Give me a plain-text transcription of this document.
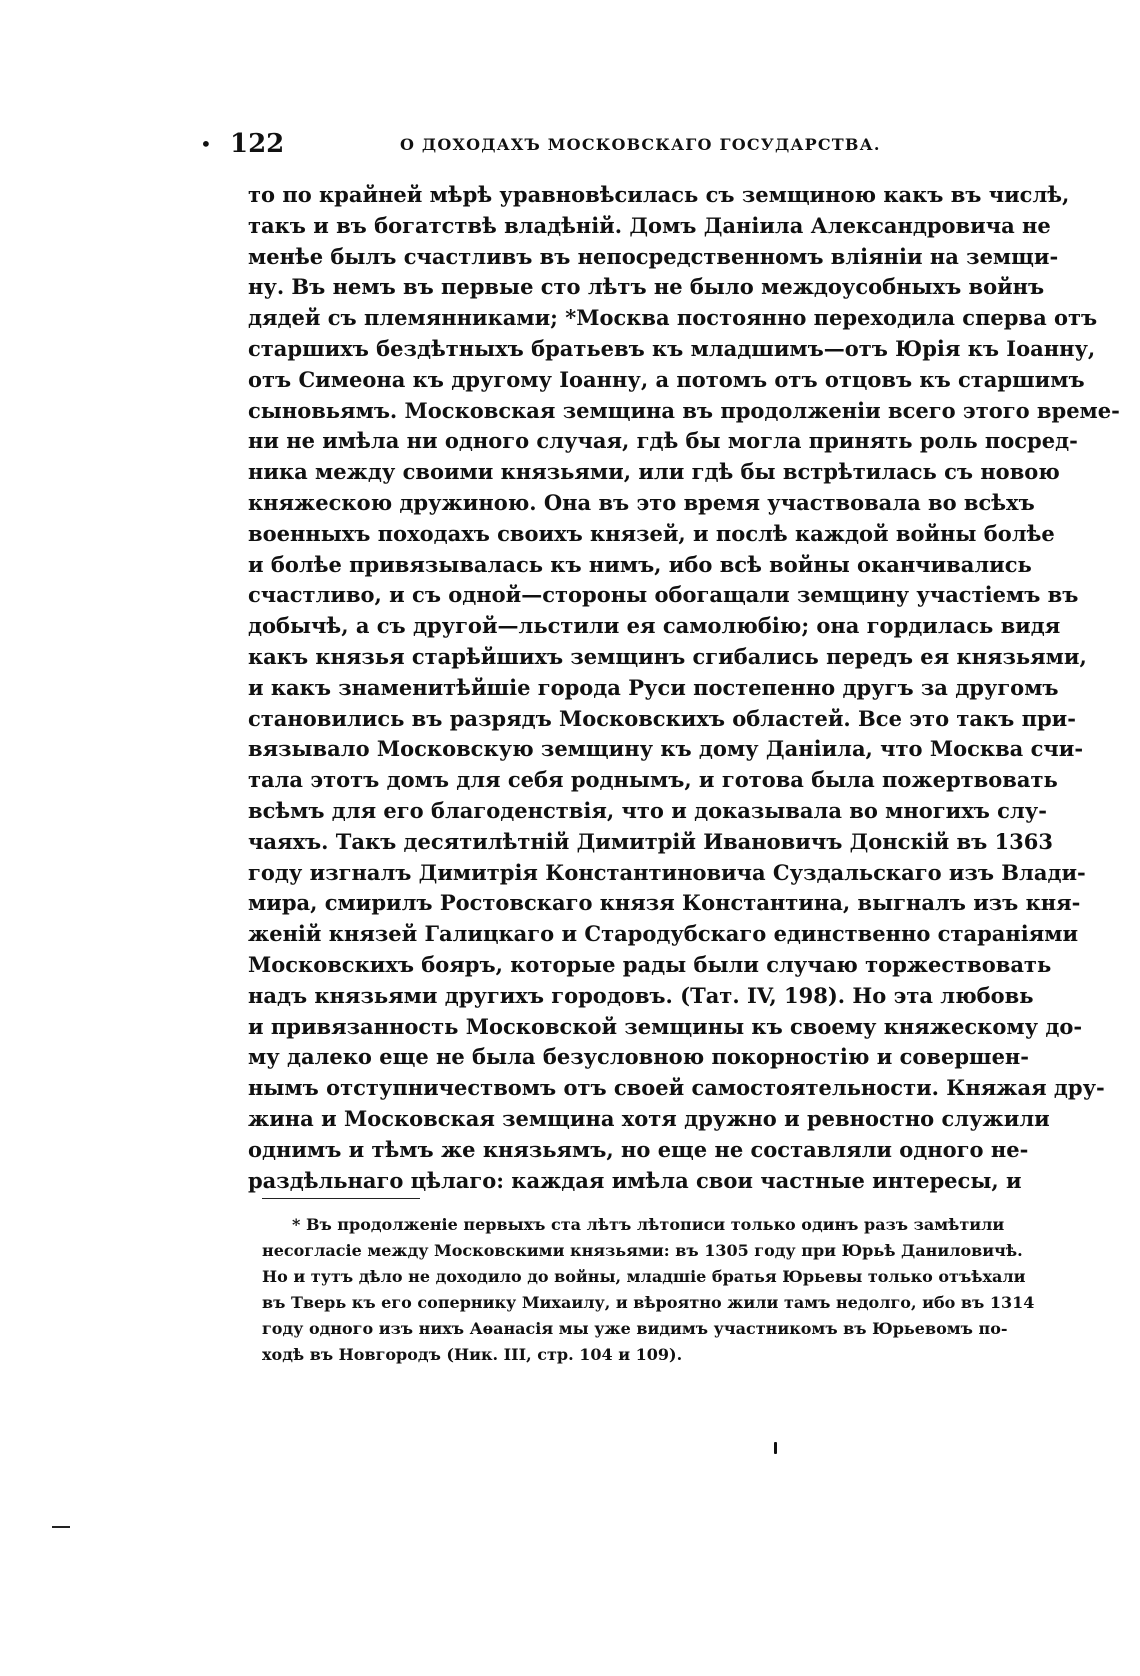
• 122	О ДОХОДАХЪ МОСКОВСКАГО ГОСУДАРСТВА.
то по крайней мѣрѣ уравновѣсилась съ земщиною какъ въ числѣ,
такъ и въ богатствѣ владѣній. Домъ Даніила Александровича не
менѣе былъ счастливъ въ непосредственномъ вліяніи на земщи-
ну. Въ немъ въ первые сто лѣтъ не было междоусобныхъ войнъ
дядей съ племянниками; *Москва постоянно переходила сперва отъ
старшихъ бездѣтныхъ братьевъ къ младшимъ—отъ Юрія къ Іоанну,
отъ Симеона къ другому Іоанну, а потомъ отъ отцовъ къ старшимъ
сыновьямъ. Московская земщина въ продолженіи всего этого време-
ни не имѣла ни одного случая, гдѣ бы могла принять роль посред-
ника между своими князьями, или гдѣ бы встрѣтилась съ новою
княжескою дружиною. Она въ это время участвовала во всѣхъ
военныхъ походахъ своихъ князей, и послѣ каждой войны болѣе
и болѣе привязывалась къ нимъ, ибо всѣ войны оканчивались
счастливо, и съ одной—стороны обогащали земщину участіемъ въ
добычѣ, а съ другой—льстили ея самолюбію; она гордилась видя
какъ князья старѣйшихъ земщинъ сгибались передъ ея князьями,
и какъ знаменитѣйшіе города Руси постепенно другъ за другомъ
становились въ разрядъ Московскихъ областей. Все это такъ при-
вязывало Московскую земщину къ дому Даніила, что Москва счи-
тала этотъ домъ для себя роднымъ, и готова была пожертвовать
всѣмъ для его благоденствія, что и доказывала во многихъ слу-
чаяхъ. Такъ десятилѣтній Димитрій Ивановичъ Донскій въ 1363
году изгналъ Димитрія Константиновича Суздальскаго изъ Влади-
мира, смирилъ Ростовскаго князя Константина, выгналъ изъ кня-
женій князей Галицкаго и Стародубскаго единственно стараніями
Московскихъ бояръ, которые рады были случаю торжествовать
надъ князьями другихъ городовъ. (Тат. IV, 198). Но эта любовь
и привязанность Московской земщины къ своему княжескому до-
му далеко еще не была безусловною покорностію и совершен-
нымъ отступничествомъ отъ своей самостоятельности. Княжая дру-
жина и Московская земщина хотя дружно и ревностно служили
однимъ и тѣмъ же князьямъ, но еще не составляли одного не-
раздѣльнаго цѣлаго: каждая имѣла свои частные интересы, и
* Въ продолженіе первыхъ ста лѣтъ лѣтописи только одинъ разъ замѣтили
несогласіе между Московскими князьями: въ 1305 году при Юрьѣ Даниловичѣ.
Но и тутъ дѣло не доходило до войны, младшіе братья Юрьевы только отъѣхали
въ Тверь къ его сопернику Михаилу, и вѣроятно жили тамъ недолго, ибо въ 1314
году одного изъ нихъ Аѳанасія мы уже видимъ участникомъ въ Юрьевомъ по-
ходѣ въ Новгородъ (Ник. III, стр. 104 и 109).
